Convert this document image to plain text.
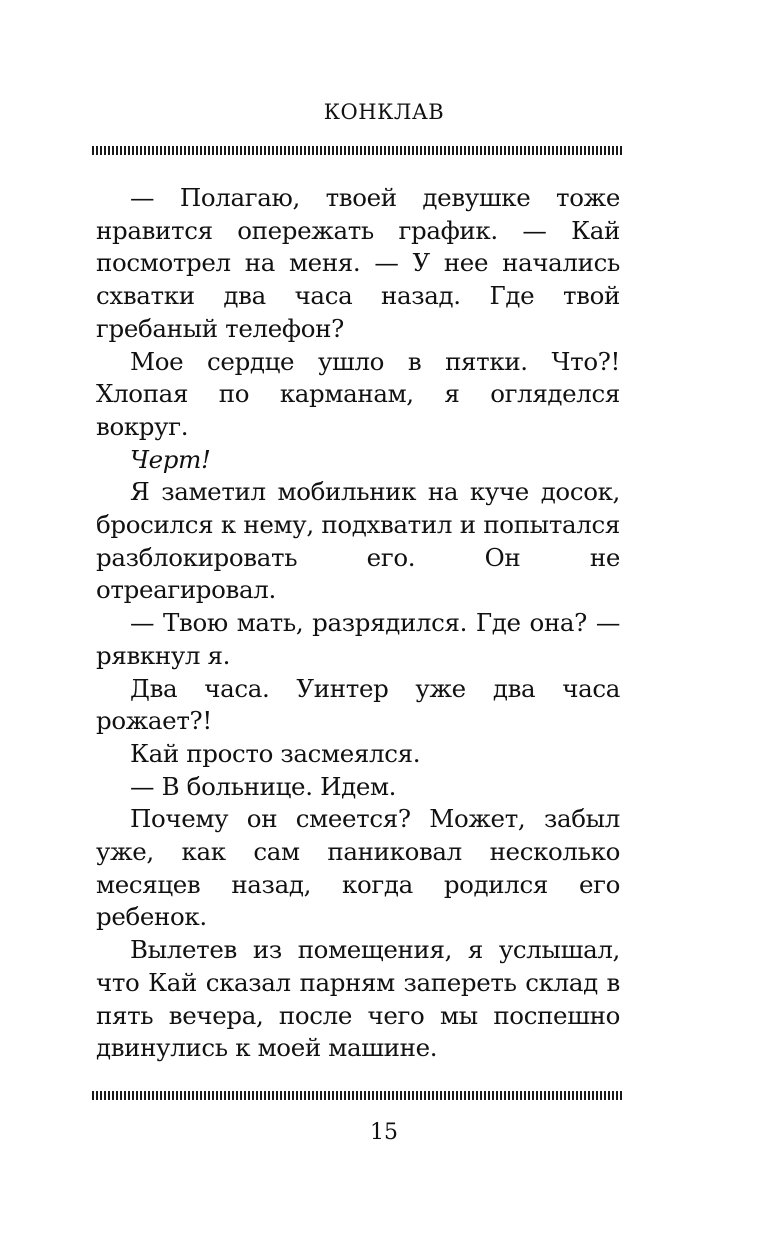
КОНКЛАВ

— Полагаю, твоей девушке тоже нравится опережать график. — Кай посмотрел на меня. — У нее начались схватки два часа назад. Где твой гребаный телефон?

Мое сердце ушло в пятки. Что?! Хлопая по карманам, я огляделся вокруг.

Черт!

Я заметил мобильник на куче досок, бросился к нему, подхватил и попытался разблокировать его. Он не отреагировал.

— Твою мать, разрядился. Где она? — рявкнул я.

Два часа. Уинтер уже два часа рожает?!

Кай просто засмеялся.

— В больнице. Идем.

Почему он смеется? Может, забыл уже, как сам паниковал несколько месяцев назад, когда родился его ребенок.

Вылетев из помещения, я услышал, что Кай сказал парням запереть склад в пять вечера, после чего мы поспешно двинулись к моей машине.

15
